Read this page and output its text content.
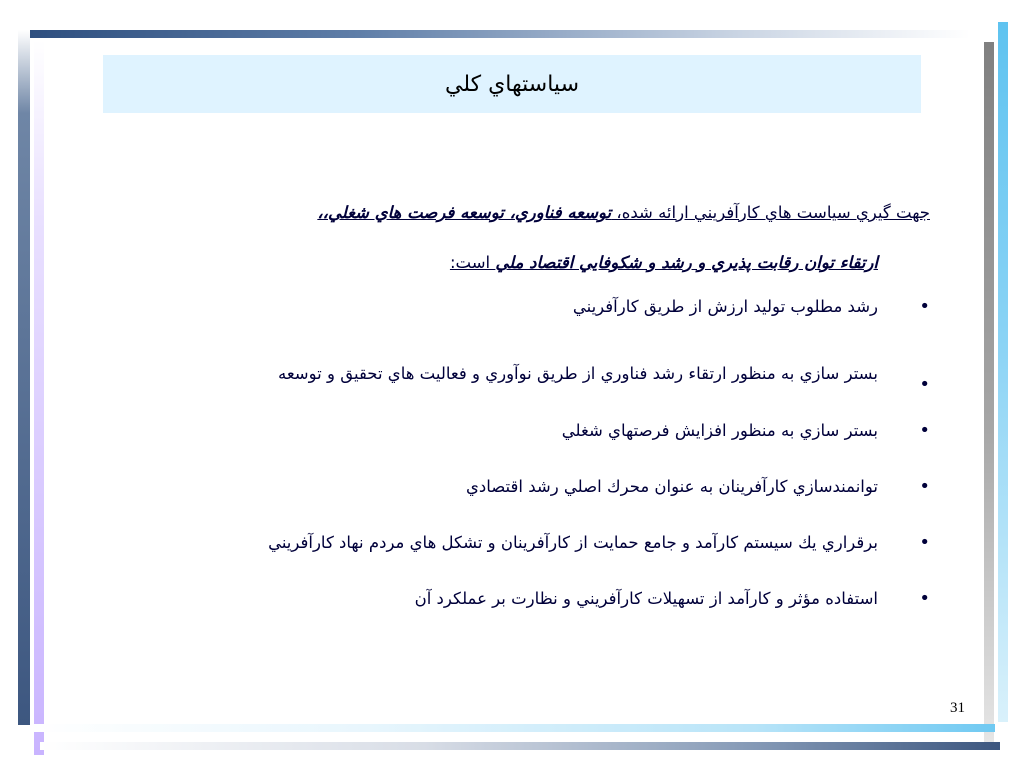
سیاستهاي کلي

جهت گيري سياست هاي كارآفريني ارائه شده، توسعه فناوري، توسعه فرصت هاي شغلي،،

ارتقاء توان رقابت پذيري و رشد و شكوفايي اقتصاد ملي است:

•
رشد مطلوب توليد ارزش از طريق كارآفريني
•
بستر سازي به منظور ارتقاء رشد فناوري از طريق نوآوري و فعاليت هاي تحقيق و توسعه
•
بستر سازي به منظور افزايش فرصتهاي شغلي
•
توانمندسازي كارآفرينان به عنوان محرك اصلي رشد اقتصادي
•
برقراري يك سيستم كارآمد و جامع حمايت از كارآفرينان و تشكل هاي مردم نهاد كارآفريني
•
استفاده مؤثر و كارآمد از تسهيلات كارآفريني و نظارت بر عملكرد آن
31
